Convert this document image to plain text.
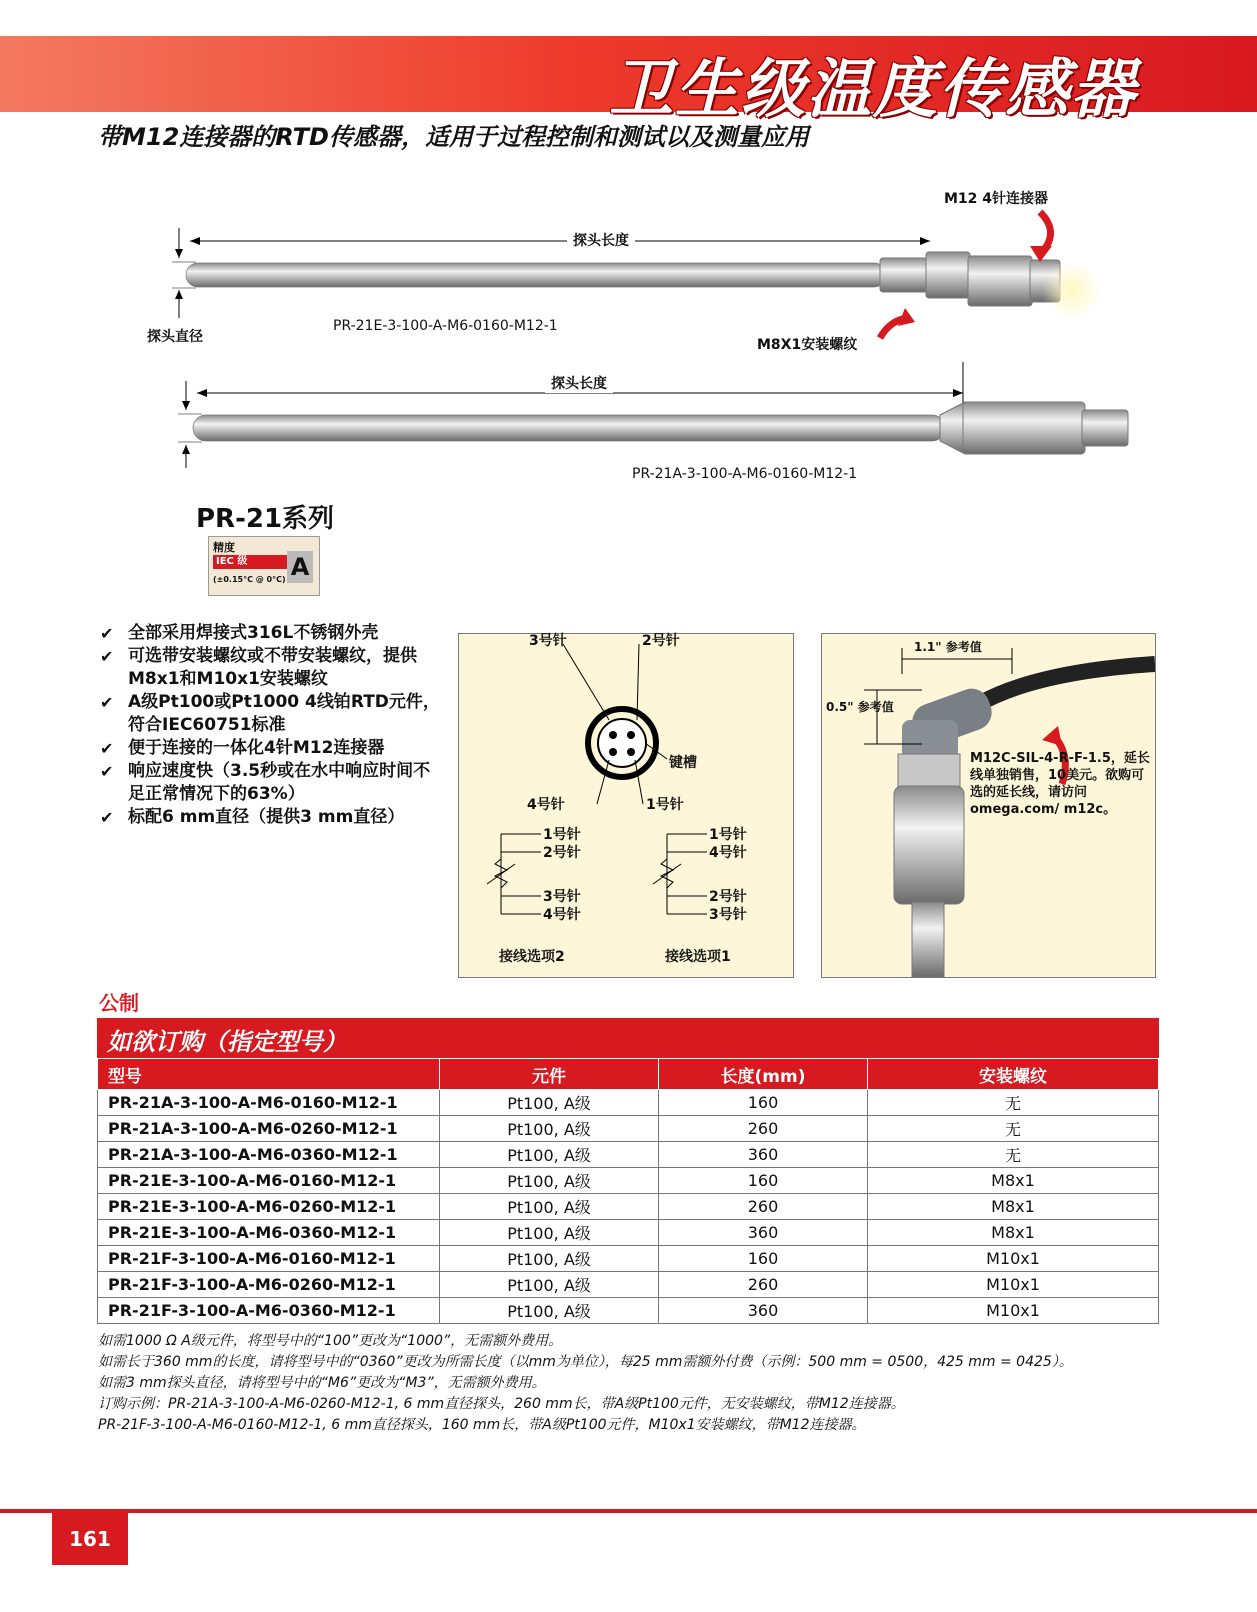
卫生级温度传感器
带M12连接器的RTD传感器，适用于过程控制和测试以及测量应用
探头长度
探头直径
PR-21E-3-100-A-M6-0160-M12-1
M12 4针连接器
M8X1安装螺纹
探头长度
PR-21A-3-100-A-M6-0160-M12-1
PR-21系列
精度
IEC 级
(±0.15°C @ 0°C) A
✔ 全部采用焊接式316L不锈钢外壳
✔ 可选带安装螺纹或不带安装螺纹，提供M8x1和M10x1安装螺纹
✔ A级Pt100或Pt1000 4线铂RTD元件，符合IEC60751标准
✔ 便于连接的一体化4针M12连接器
✔ 响应速度快（3.5秒或在水中响应时间不足正常情况下的63%）
✔ 标配6 mm直径（提供3 mm直径）
3号针	2号针
键槽
4号针	1号针
1号针
2号针
3号针
4号针
1号针
4号针
2号针
3号针
接线选项2	接线选项1
1.1" 参考值
0.5" 参考值
M12C-SIL-4-R-F-1.5，延长线单独销售，10美元。欲购可选的延长线，请访问omega.com/ m12c。
公制
如欲订购（指定型号）
型号	元件	长度(mm)	安装螺纹
PR-21A-3-100-A-M6-0160-M12-1	Pt100, A级	160	无
PR-21A-3-100-A-M6-0260-M12-1	Pt100, A级	260	无
PR-21A-3-100-A-M6-0360-M12-1	Pt100, A级	360	无
PR-21E-3-100-A-M6-0160-M12-1	Pt100, A级	160	M8x1
PR-21E-3-100-A-M6-0260-M12-1	Pt100, A级	260	M8x1
PR-21E-3-100-A-M6-0360-M12-1	Pt100, A级	360	M8x1
PR-21F-3-100-A-M6-0160-M12-1	Pt100, A级	160	M10x1
PR-21F-3-100-A-M6-0260-M12-1	Pt100, A级	260	M10x1
PR-21F-3-100-A-M6-0360-M12-1	Pt100, A级	360	M10x1
如需1000 Ω A级元件，将型号中的“100”更改为“1000”，无需额外费用。
如需长于360 mm的长度，请将型号中的“0360”更改为所需长度（以mm为单位），每25 mm需额外付费（示例：500 mm = 0500，425 mm = 0425）。
如需3 mm探头直径，请将型号中的“M6”更改为“M3”，无需额外费用。
订购示例：PR-21A-3-100-A-M6-0260-M12-1, 6 mm直径探头，260 mm长，带A级Pt100元件，无安装螺纹，带M12连接器。
PR-21F-3-100-A-M6-0160-M12-1, 6 mm直径探头，160 mm长，带A级Pt100元件，M10x1安装螺纹，带M12连接器。
161
